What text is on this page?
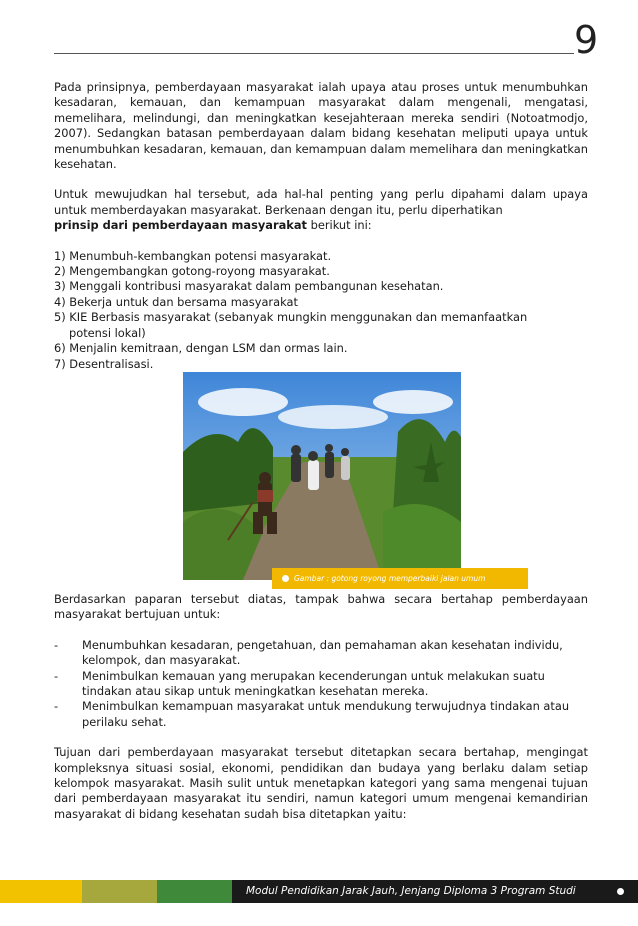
9

Pada prinsipnya, pemberdayaan masyarakat ialah upaya atau proses untuk menumbuhkan kesadaran, kemauan, dan kemampuan masyarakat dalam mengenali, mengatasi, memelihara, melindungi, dan meningkatkan kesejahteraan mereka sendiri (Notoatmodjo, 2007). Sedangkan batasan pemberdayaan dalam bidang kesehatan meliputi upaya untuk menumbuhkan kesadaran, kemauan, dan kemampuan dalam memelihara dan meningkatkan kesehatan.

Untuk mewujudkan hal tersebut, ada hal-hal penting yang perlu dipahami dalam upaya untuk memberdayakan masyarakat. Berkenaan dengan itu, perlu diperhatikan
prinsip dari pemberdayaan masyarakat berikut ini:

1) Menumbuh-kembangkan potensi masyarakat.
2) Mengembangkan gotong-royong masyarakat.
3) Menggali kontribusi masyarakat dalam pembangunan kesehatan.
4) Bekerja untuk dan bersama masyarakat
5) KIE Berbasis masyarakat (sebanyak mungkin menggunakan dan memanfaatkan
potensi lokal)
6) Menjalin kemitraan, dengan LSM dan ormas lain.
7) Desentralisasi.
Gambar : gotong royong memperbaiki jalan umum

Berdasarkan paparan tersebut diatas, tampak bahwa secara bertahap pemberdayaan masyarakat bertujuan untuk:

-	Menumbuhkan kesadaran, pengetahuan, dan pemahaman akan kesehatan individu, kelompok, dan masyarakat.
-	Menimbulkan kemauan yang merupakan kecenderungan untuk melakukan suatu tindakan atau sikap untuk meningkatkan kesehatan mereka.
-	Menimbulkan kemampuan masyarakat untuk mendukung terwujudnya tindakan atau perilaku sehat.

Tujuan dari pemberdayaan masyarakat tersebut ditetapkan secara bertahap, mengingat kompleksnya situasi sosial, ekonomi, pendidikan dan budaya yang berlaku dalam setiap kelompok masyarakat. Masih sulit untuk menetapkan kategori yang sama mengenai tujuan dari pemberdayaan masyarakat itu sendiri, namun kategori umum mengenai kemandirian masyarakat di bidang kesehatan sudah bisa ditetapkan yaitu:

Modul Pendidikan Jarak Jauh, Jenjang Diploma 3 Program Studi Keperawatan
